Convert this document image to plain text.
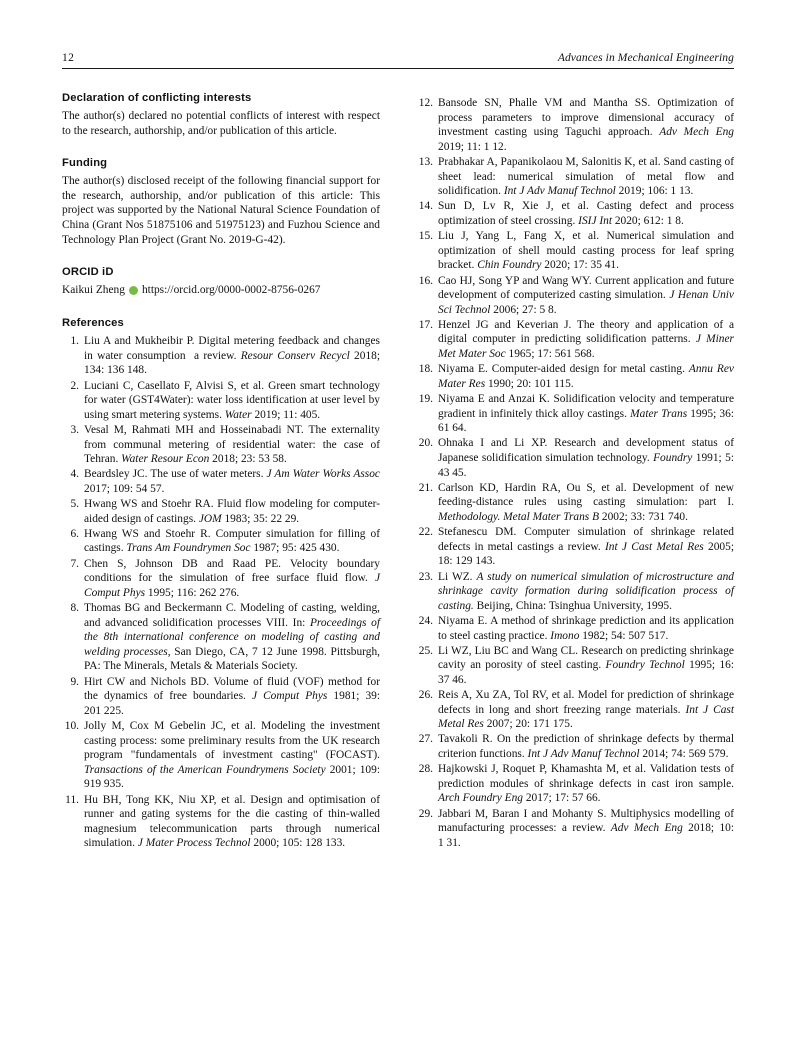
12	Advances in Mechanical Engineering
Declaration of conflicting interests

The author(s) declared no potential conflicts of interest with respect to the research, authorship, and/or publication of this article.

Funding

The author(s) disclosed receipt of the following financial support for the research, authorship, and/or publication of this article: This project was supported by the National Natural Science Foundation of China (Grant Nos 51875106 and 51975123) and Fuzhou Science and Technology Plan Project (Grant No. 2019-G-42).

ORCID iD
Kaikui Zheng https://orcid.org/0000-0002-8756-0267
References
Liu A and Mukheibir P. Digital metering feedback and changes in water consumption  a review. Resour Conserv Recycl 2018; 134: 136 148.
Luciani C, Casellato F, Alvisi S, et al. Green smart technology for water (GST4Water): water loss identification at user level by using smart metering systems. Water 2019; 11: 405.
Vesal M, Rahmati MH and Hosseinabadi NT. The externality from communal metering of residential water: the case of Tehran. Water Resour Econ 2018; 23: 53 58.
Beardsley JC. The use of water meters. J Am Water Works Assoc 2017; 109: 54 57.
Hwang WS and Stoehr RA. Fluid flow modeling for computer-aided design of castings. JOM 1983; 35: 22 29.
Hwang WS and Stoehr R. Computer simulation for filling of castings. Trans Am Foundrymen Soc 1987; 95: 425 430.
Chen S, Johnson DB and Raad PE. Velocity boundary conditions for the simulation of free surface fluid flow. J Comput Phys 1995; 116: 262 276.
Thomas BG and Beckermann C. Modeling of casting, welding, and advanced solidification processes VIII. In: Proceedings of the 8th international conference on modeling of casting and welding processes, San Diego, CA, 7 12 June 1998. Pittsburgh, PA: The Minerals, Metals & Materials Society.
Hirt CW and Nichols BD. Volume of fluid (VOF) method for the dynamics of free boundaries. J Comput Phys 1981; 39: 201 225.
Jolly M, Cox M Gebelin JC, et al. Modeling the investment casting process: some preliminary results from the UK research program "fundamentals of investment casting" (FOCAST). Transactions of the American Foundrymens Society 2001; 109: 919 935.
Hu BH, Tong KK, Niu XP, et al. Design and optimisation of runner and gating systems for the die casting of thin-walled magnesium telecommunication parts through numerical simulation. J Mater Process Technol 2000; 105: 128 133.
Bansode SN, Phalle VM and Mantha SS. Optimization of process parameters to improve dimensional accuracy of investment casting using Taguchi approach. Adv Mech Eng 2019; 11: 1 12.
Prabhakar A, Papanikolaou M, Salonitis K, et al. Sand casting of sheet lead: numerical simulation of metal flow and solidification. Int J Adv Manuf Technol 2019; 106: 1 13.
Sun D, Lv R, Xie J, et al. Casting defect and process optimization of steel crossing. ISIJ Int 2020; 612: 1 8.
Liu J, Yang L, Fang X, et al. Numerical simulation and optimization of shell mould casting process for leaf spring bracket. Chin Foundry 2020; 17: 35 41.
Cao HJ, Song YP and Wang WY. Current application and future development of computerized casting simulation. J Henan Univ Sci Technol 2006; 27: 5 8.
Henzel JG and Keverian J. The theory and application of a digital computer in predicting solidification patterns. J Miner Met Mater Soc 1965; 17: 561 568.
Niyama E. Computer-aided design for metal casting. Annu Rev Mater Res 1990; 20: 101 115.
Niyama E and Anzai K. Solidification velocity and temperature gradient in infinitely thick alloy castings. Mater Trans 1995; 36: 61 64.
Ohnaka I and Li XP. Research and development status of Japanese solidification simulation technology. Foundry 1991; 5: 43 45.
Carlson KD, Hardin RA, Ou S, et al. Development of new feeding-distance rules using casting simulation: part I. Methodology. Metal Mater Trans B 2002; 33: 731 740.
Stefanescu DM. Computer simulation of shrinkage related defects in metal castings a review. Int J Cast Metal Res 2005; 18: 129 143.
Li WZ. A study on numerical simulation of microstructure and shrinkage cavity formation during solidification process of casting. Beijing, China: Tsinghua University, 1995.
Niyama E. A method of shrinkage prediction and its application to steel casting practice. Imono 1982; 54: 507 517.
Li WZ, Liu BC and Wang CL. Research on predicting shrinkage cavity an porosity of steel casting. Foundry Technol 1995; 16: 37 46.
Reis A, Xu ZA, Tol RV, et al. Model for prediction of shrinkage defects in long and short freezing range materials. Int J Cast Metal Res 2007; 20: 171 175.
Tavakoli R. On the prediction of shrinkage defects by thermal criterion functions. Int J Adv Manuf Technol 2014; 74: 569 579.
Hajkowski J, Roquet P, Khamashta M, et al. Validation tests of prediction modules of shrinkage defects in cast iron sample. Arch Foundry Eng 2017; 17: 57 66.
Jabbari M, Baran I and Mohanty S. Multiphysics modelling of manufacturing processes: a review. Adv Mech Eng 2018; 10: 1 31.
